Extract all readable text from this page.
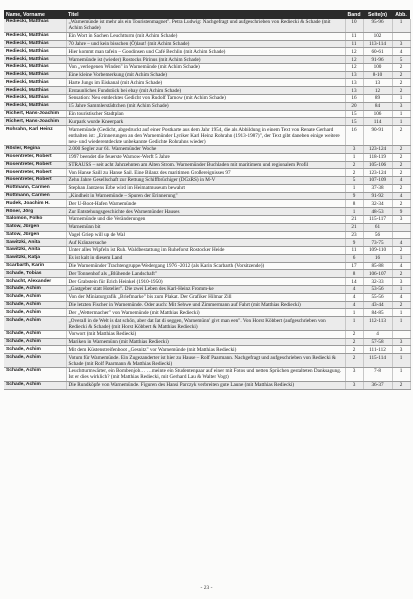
Name, Vorname	Titel	Band	Seite(n)	Abb.
Rediecki, Matthias	„Warnemünde ist mehr als ein Touristenmagnet". Petra Ludwig: Nachgefragt und aufgeschrieben von Rediecki & Schade (mit Achim Schade)	10	95-96	1
Rediecki, Matthias	Ein Wort in Sachen Leuchtturm (mit Achim Schade)	11	102	
Rediecki, Matthias	70 Jahre – und kein bisschen (Ö)laut! (mit Achim Schade)	11	113-114	3
Rediecki, Matthias	Hier kommt man tafein – Goodinsen und Café Bechlin (mit Achim Schade)	12	60-61	4
Rediecki, Matthias	Warnemünde ist (wieder) Rostocks Pirinus (mit Achim Schade)	12	91-96	5
Rediecki, Matthias	Von „verlegenen Winden" in Warnemünde (mit Achim Schade)	12	100	2
Rediecki, Matthias	Eine kleine Vorbemerkung (mit Achim Schade)	13	8-10	2
Rediecki, Matthias	Harte Jungs im Eiskanal (mit Achim Schade)	13	13	2
Rediecki, Matthias	Erstaunliches Fundstück bei ebay (mit Achim Schade)	13	12	2
Rediecki, Matthias	Sensation: Neu entdecktes Gedicht von Rudolf Tarnow (mit Achim Schade)	16	89	1
Rediecki, Matthias	15 Jahre Sammlerstädtchen (mit Achim Schade)	20	84	3
Richert, Hans-Joachim	Ein touristischer Stadtplan	15	106	1
Richert, Hans-Joachim	Kurpark wurde Kneerpark	15	114	1
Rohrahn, Karl Heinz	Warnemünde (Gedicht, abgedruckt auf einer Postkarte aus dem Jahr 1954, die als Abbildung in einem Text von Renate Gerhard enthalten ist: „Erinnerungen an den Warnemünder Lyriker Karl Heinz Rohrahn (1913-1987)", der Text gibt daneben einige weitere neu- und wiederentdeckte unbekannte Gedichte Rohrahns wieder)	16	90-91	2
Rösler, Regina	2.000 Segler zur 61. Warnemünder Woche	3	123-124	2
Rosentreter, Robert	1997 beendet die feuerste Warnow-Werft 5 Jahre	1	118-119	2
Rosentreter, Robert	STRAUSS – seit acht Jahrzehnten am Alten Strom. Warnemünder Buchladen mit maritimem und regionalem Profil	2	105-106	2
Rosentreter, Robert	Von Hanse Saill zu Hanse Sail. Eine Bilanz des maritimen Großereignisses 97	2	123-124	2
Rosentreter, Robert	Zehn Jahre Gesellschaft zur Rettung Schiffbrüchiger (DGzRS) in M-V	5	107-109	4
Rottmann, Carmen	Stephan Jantzens Erbe wird im Heimatmuseum bewahrt	1	37-38	2
Rottmann, Carmen	„Kindheit in Warnemünde – Spuren der Erinnerung"	9	91-92	4
Rudek, Joachim H.	Der U-Boot-Hafen Warnemünde	8	32-34	2
Röner, Jörg	Zur Entstehungsgeschichte des Warnemünder Hauses	1	48-53	9
Salomon, Folko	Warnemünde und die Veränderungen	21	115-117	3
Satow, Jürgen	Warnemünn bit	21	61	
Satow, Jürgen	Vagel Griep will up de Wal	23	56	
Sawitzki, Anita	Auf Kränzersuche	9	73-75	4
Sawitzki, Anita	Unter alles Wipfeln ist Ruh. Waldbestattung im Ruheforst Rostocker Heide	11	109-110	2
Sawitzki, Katja	Es ist kalt in diesem Land	6	16	1
Scarbarth, Karin	Die Warnemünder Trachtengruppe/Wedergang 1976 -2012 (als Karin Scarbarth (Vorsitzende))	17	85-88	4
Schade, Tobias	Der Tonnenhof als „Blühende Landschaft"	8	106-107	2
Schacht, Alexander	Der Grabstein für Erich Heinkel (1910-1950)	14	32-33	3
Schade, Achim	„Gastgeber statt Hotelier". Die zwei Leben des Karl-Heinz Fromm-ke	4	53-56	1
Schade, Achim	Von der Miniaturgrafik „Briefmarke" bis zum Plakat. Der Grafiker Hilmar Zill	4	55-56	4
Schade, Achim	Die letzten Fischer in Warnemünde. Oder auch: Mit Sehwe und Zimmermann auf Fahrt (mit Matthias Rediecki)	4	43-44	2
Schade, Achim	Der „Wettermacher" von Warnemünde (mit Matthias Rediecki)	1	84-85	1
Schade, Achim	„Overall in de Welt is dat schön, aber dat Iat di seggen, Warnemünn' givt man een". Von Horst Köbbert (aufgeschrieben von Rediecki & Schade) (mit Horst Köbbert & Matthias Rediecki)	1	112-113	1
Schade, Achim	Vorwort (mit Matthias Rediecki)	2	4	
Schade, Achim	Mariken in Warnemünn (mit Matthias Rediecki)	2	57-58	3
Schade, Achim	Mit dem Küstenstreifenboot „Gesnitz" vor Warnemünde (mit Matthias Rediecki)	2	111-112	3
Schade, Achim	Votum für Warnemünde. Ein Zugezanderter ist hier zu Hause – Rolf Paarmann. Nachgefragt und aufgeschrieben von Rediecki & Schade (mit Rolf Paarmann & Matthias Rediecki)	2	115-114	1
Schade, Achim	Leuchtturmwärter, ein Bombenjob… …meinte ein Studentenpaar auf einer mit Fotos und netten Sprüchen gestalteten Danksagung. Ist er dies wirklich? (mit Matthias Rediecki, mit Gerhard Lau & Walter Vogt)	3	7-8	1
Schade, Achim	Die Rundköpfe von Warnemünde. Figuren des Hansi Parczyk verbreiten gute Laune (mit Matthias Rediecki)	3	36-37	2
- 23 -
